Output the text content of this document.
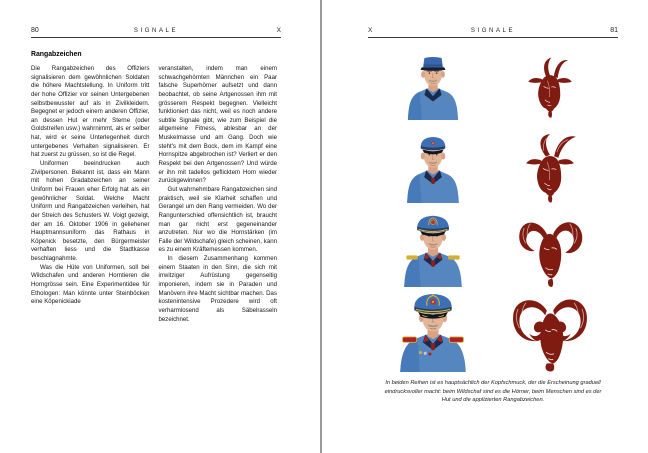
80	SIGNALE	X
Rangabzeichen

Die Rangabzeichen des Offiziers signalisieren dem gewöhnlichen Soldaten die höhere Machtstellung. In Uniform tritt der hohe Offizier vor seinen Untergebenen selbstbewusster auf als in Zivilkleidern. Begegnet er jedoch einem anderen Offizier, an dessen Hut er mehr Sterne (oder Goldstreifen usw.) wahrnimmt, als er selber hat, wird er seine Unterlegenheit durch untergebenes Verhalten signalisieren. Er hat zuerst zu grüssen, so ist die Regel.

Uniformen beeindrucken auch Zivilpersonen. Bekannt ist, dass ein Mann mit hohen Gradabzeichen an seiner Uniform bei Frauen eher Erfolg hat als ein gewöhnlicher Soldat. Welche Macht Uniform und Rangabzeichen verleihen, hat der Streich des Schusters W. Voigt gezeigt, der am 16. Oktober 1906 in geliehener Hauptmannsuniform das Rathaus in Köpenick besetzte, den Bürgermeister verhaften liess und die Stadtkasse beschlagnahmte.

Was die Hüte von Uniformen, soll bei Wildschafen und anderen Horntieren die Horngrösse sein. Eine Experimentidee für Ethologen: Man könnte unter Steinböcken eine Köpenickiade

veranstalten, indem man einem schwachgehörnten Männchen ein Paar falsche Superhörner aufsetzt und dann beobachtet, ob seine Artgenossen ihm mit grösserem Respekt begegnen. Vielleicht funktioniert das nicht, weil es noch andere subtile Signale gibt, wie zum Beispiel die allgemeine Fitness, ablesbar an der Muskelmasse und am Gang. Doch wie steht's mit dem Bock, dem im Kampf eine Hornspitze abgebrochen ist? Verliert er den Respekt bei den Artgenossen? Und würde er ihn mit tadellos geflicktem Horn wieder zurückgewinnen?

Gut wahrnehmbare Rangabzeichen sind praktisch, weil sie Klarheit schaffen und Gerangel um den Rang vermeiden. Wo der Rangunterschied offensichtlich ist, braucht man gar nicht erst gegeneinander anzutreten. Nur wo die Hornstärken (im Falle der Wildschafe) gleich scheinen, kann es zu einem Kräftemessen kommen.

In diesem Zusammenhang kommen einem Staaten in den Sinn, die sich mit irrwitziger Aufrüstung gegenseitig imponieren, indem sie in Paraden und Manövern ihre Macht sichtbar machen. Das kostenintensive Prozedere wird oft verharmlosend als Säbelrasseln bezeichnet.

X	SIGNALE	81
In beiden Reihen ist es hauptsächlich der Kopfschmuck, der die Erscheinung graduell eindrucksvoller macht: beim Wildschaf sind es die Hörner, beim Menschen sind es der Hut und die applizierten Rangabzeichen.
